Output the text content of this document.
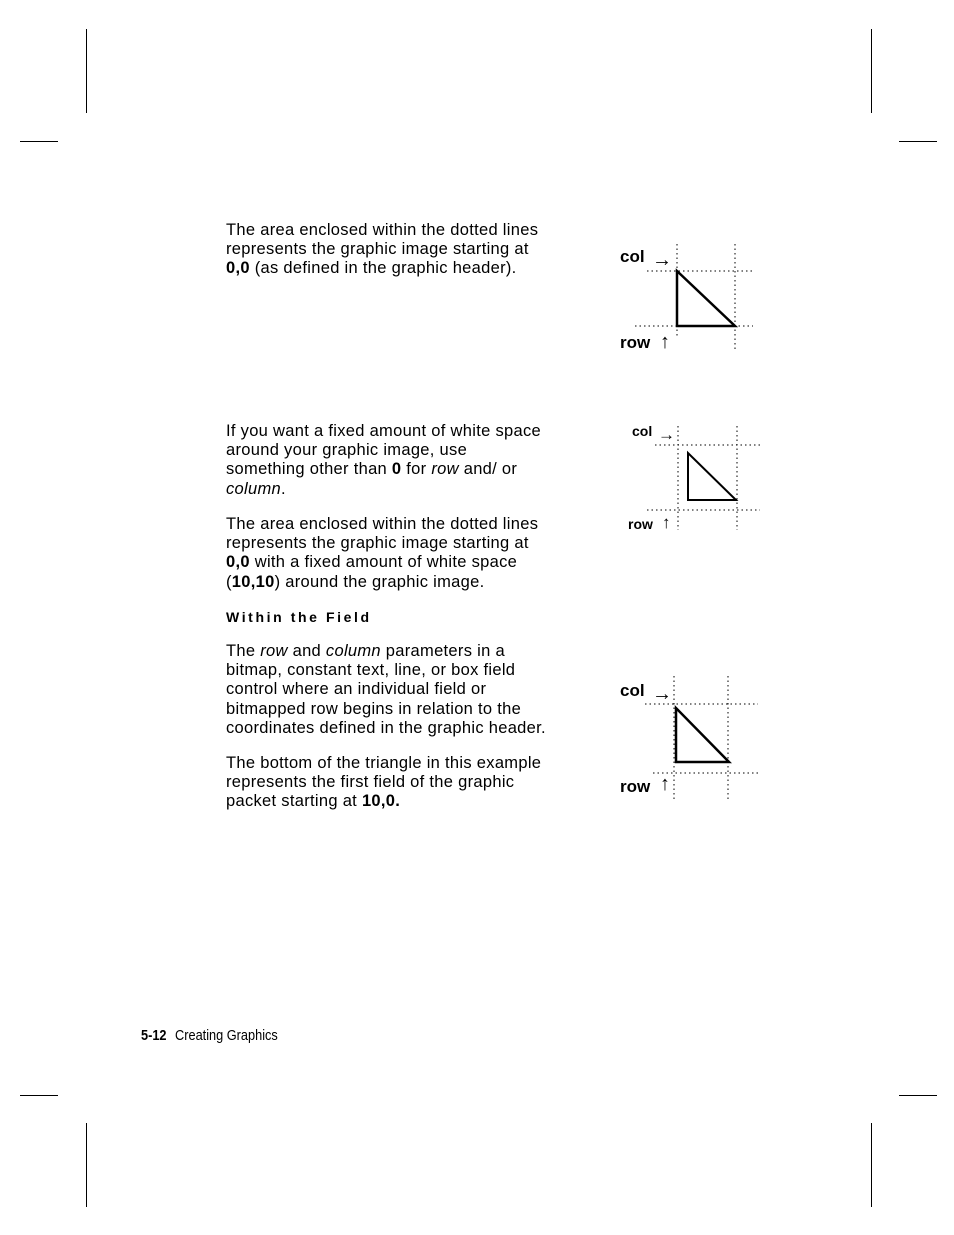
The area enclosed within the dotted lines
represents the graphic image starting at
0,0 (as defined in the graphic header).
col →
row ↑
If you want a fixed amount of white space
around your graphic image, use
something other than 0 for row and/ or
column.
col →
row ↑
The area enclosed within the dotted lines
represents the graphic image starting at
0,0 with a fixed amount of white space
(10,10) around the graphic image.
Within the Field
The row and column parameters in a
bitmap, constant text, line, or box field
control where an individual field or
bitmapped row begins in relation to the
coordinates defined in the graphic header.
col →
row ↑
The bottom of the triangle in this example
represents the first field of the graphic
packet starting at 10,0.
5-12 Creating Graphics
